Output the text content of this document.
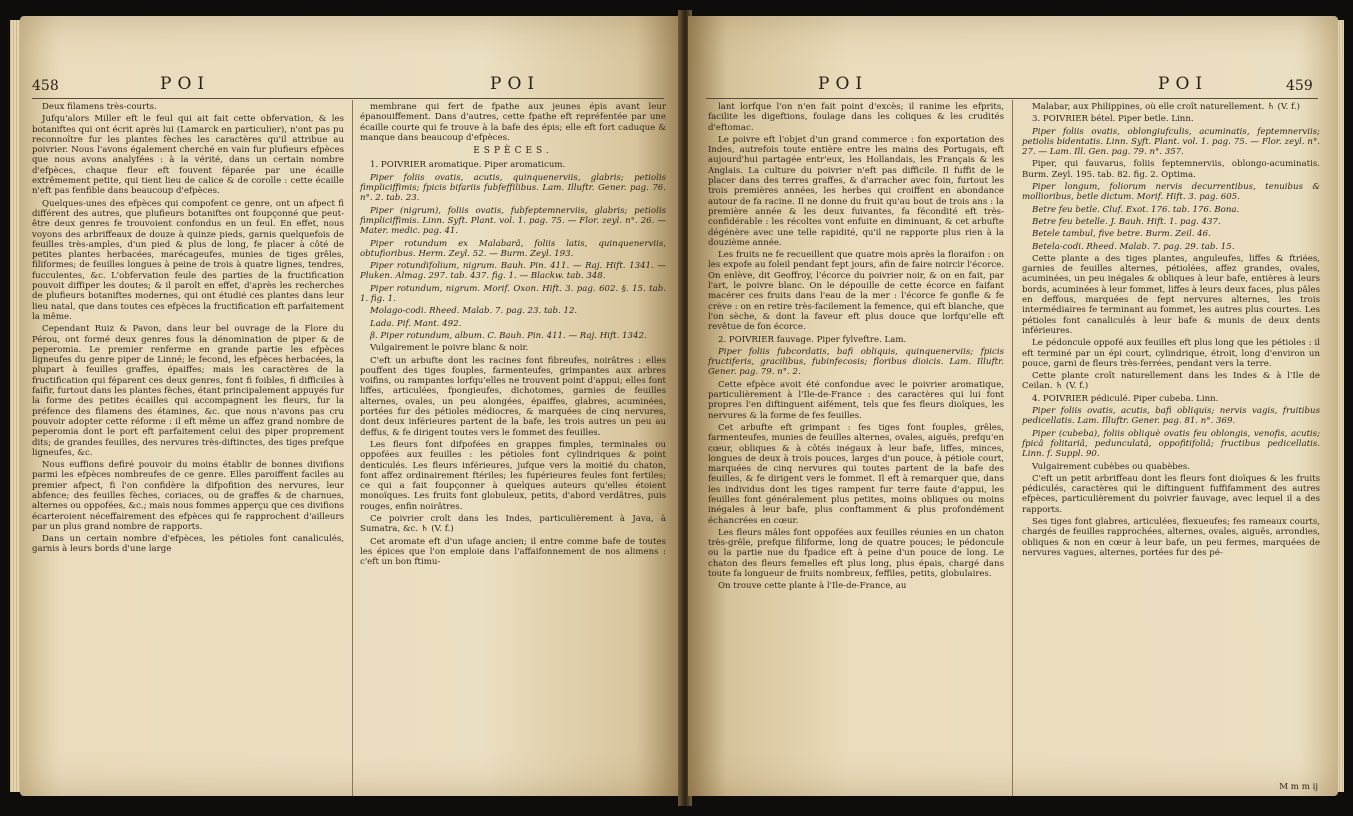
458	POI	POI

Deux filamens très-courts.

Jufqu'alors Miller eft le feul qui ait fait cette obfervation, & les botaniftes qui ont écrit après lui (Lamarck en particulier), n'ont pas pu reconnoître fur les plantes fèches les caractères qu'il attribue au poivrier. Nous l'avons également cherché en vain fur plufieurs efpèces que nous avons analyfées : à la vérité, dans un certain nombre d'efpèces, chaque fleur eft fouvent féparée par une écaille extrêmement petite, qui tient lieu de calice & de corolle : cette écaille n'eft pas fenfible dans beaucoup d'efpèces.

Quelques-unes des efpèces qui compofent ce genre, ont un afpect fi différent des autres, que plufieurs botaniftes ont foupçonné que peut-être deux genres fe trouvoient confondus en un feul. En effet, nous voyons des arbriffeaux de douze à quinze pieds, garnis quelquefois de feuilles très-amples, d'un pied & plus de long, fe placer à côté de petites plantes herbacées, marécageufes, munies de tiges grêles, filiformes; de feuilles longues à peine de trois à quatre lignes, tendres, fucculentes, &c. L'obfervation feule des parties de la fructification pouvoit diffiper les doutes; & il paroît en effet, d'après les recherches de plufieurs botaniftes modernes, qui ont étudié ces plantes dans leur lieu natal, que dans toutes ces efpèces la fructification eft parfaitement la même.

Cependant Ruiz & Pavon, dans leur bel ouvrage de la Flore du Pérou, ont formé deux genres fous la dénomination de piper & de peperomia. Le premier renferme en grande partie les efpèces ligneufes du genre piper de Linné; le fecond, les efpèces herbacées, la plupart à feuilles graffes, épaiffes; mais les caractères de la fructification qui féparent ces deux genres, font fi foibles, fi difficiles à faifir, furtout dans les plantes fèches, étant principalement appuyés fur la forme des petites écailles qui accompagnent les fleurs, fur la préfence des filamens des étamines, &c. que nous n'avons pas cru pouvoir adopter cette réforme : il eft même un affez grand nombre de peperomia dont le port eft parfaitement celui des piper proprement dits; de grandes feuilles, des nervures très-diftinctes, des tiges prefque ligneufes, &c.

Nous euffions defiré pouvoir du moins établir de bonnes divifions parmi les efpèces nombreufes de ce genre. Elles paroiffent faciles au premier afpect, fi l'on confidère la difpofition des nervures, leur abfence; des feuilles fèches, coriaces, ou de graffes & de charnues, alternes ou oppofées, &c.; mais nous fommes apperçu que ces divifions écarteroient néceffairement des efpèces qui fe rapprochent d'ailleurs par un plus grand nombre de rapports.

Dans un certain nombre d'efpèces, les pétioles font canaliculés, garnis à leurs bords d'une large

membrane qui fert de fpathe aux jeunes épis avant leur épanouiffement. Dans d'autres, cette fpathe eft repréfentée par une écaille courte qui fe trouve à la bafe des épis; elle eft fort caduque & manque dans beaucoup d'efpèces.

ESPÈCES.

1. POIVRIER aromatique. Piper aromaticum.

Piper foliis ovatis, acutis, quinquenerviis, glabris; petiolis fimpliciffimis; fpicis bifariis fubfeffilibus. Lam. Illuftr. Gener. pag. 76. n°. 2. tab. 23.

Piper (nigrum), foliis ovatis, fubfeptemnerviis, glabris; petiolis fimpliciffimis. Linn. Syft. Plant. vol. 1. pag. 75. — Flor. zeyl. n°. 26. — Mater. medic. pag. 41.

Piper rotundum ex Malabarâ, foliis latis, quinquenerviis, obtufioribus. Herm. Zeyl. 52. — Burm. Zeyl. 193.

Piper rotundifolium, nigrum. Bauh. Pin. 411. — Raj. Hift. 1341. — Pluken. Almag. 297. tab. 437. fig. 1. — Blackw. tab. 348.

Piper rotundum, nigrum. Morif. Oxon. Hift. 3. pag. 602. §. 15. tab. 1. fig. 1.

Molago-codi. Rheed. Malab. 7. pag. 23. tab. 12.

Lada. Pif. Mant. 492.

β. Piper rotundum, album. C. Bauh. Pin. 411. — Raj. Hift. 1342.

Vulgairement le poivre blanc & noir.

C'eft un arbufte dont les racines font fibreufes, noirâtres : elles pouffent des tiges fouples, farmenteufes, grimpantes aux arbres voifins, ou rampantes lorfqu'elles ne trouvent point d'appui; elles font liffes, articulées, fpongieufes, dichotomes, garnies de feuilles alternes, ovales, un peu alongées, épaiffes, glabres, acuminées, portées fur des pétioles médiocres, & marquées de cinq nervures, dont deux inférieures partent de la bafe, les trois autres un peu au deffus, & fe dirigent toutes vers le fommet des feuilles.

Les fleurs font difpofées en grappes fimples, terminales ou oppofées aux feuilles : les pétioles font cylindriques & point denticulés. Les fleurs inférieures, jufque vers la moitié du chaton, font affez ordinairement ftériles; les fupérieures feules font fertiles; ce qui a fait foupçonner à quelques auteurs qu'elles étoient monoïques. Les fruits font globuleux, petits, d'abord verdâtres, puis rouges, enfin noirâtres.

Ce poivrier croît dans les Indes, particulièrement à Java, à Sumatra, &c. ♄ (V. f.)

Cet aromate eft d'un ufage ancien; il entre comme bafe de toutes les épices que l'on emploie dans l'affaifonnement de nos alimens : c'eft un bon ftimu-

POI	POI	459

lant lorfque l'on n'en fait point d'excès; il ranime les efprits, facilite les digeftions, foulage dans les coliques & les crudités d'eftomac.

Le poivre eft l'objet d'un grand commerce : fon exportation des Indes, autrefois toute entière entre les mains des Portugais, eft aujourd'hui partagée entr'eux, les Hollandais, les Français & les Anglais. La culture du poivrier n'eft pas difficile. Il fuffit de le placer dans des terres graffes, & d'arracher avec foin, furtout les trois premières années, les herbes qui croiffent en abondance autour de fa racine. Il ne donne du fruit qu'au bout de trois ans : la première année & les deux fuivantes, fa fécondité eft très-confidérable : les récoltes vont enfuite en diminuant, & cet arbufte dégénère avec une telle rapidité, qu'il ne rapporte plus rien à la douzième année.

Les fruits ne fe recueillent que quatre mois après la floraifon : on les expofe au foleil pendant fept jours, afin de faire noircir l'écorce. On enlève, dit Geoffroy, l'écorce du poivrier noir, & on en fait, par l'art, le poivre blanc. On le dépouille de cette écorce en faifant macérer ces fruits dans l'eau de la mer : l'écorce fe gonfle & fe crève : on en retire très-facilement la femence, qui eft blanche, que l'on sèche, & dont la faveur eft plus douce que lorfqu'elle eft revêtue de fon écorce.

2. POIVRIER fauvage. Piper fylveftre. Lam.

Piper foliis fubcordatis, bafi obliquis, quinquenerviis; fpicis fructiferis, gracilibus, fubinfecosis; floribus dioicis. Lam. Illuftr. Gener. pag. 79. n°. 2.

Cette efpèce avoit été confondue avec le poivrier aromatique, particulièrement à l'Ile-de-France : des caractères qui lui font propres l'en diftinguent aifément, tels que fes fleurs dioïques, les nervures & la forme de fes feuilles.

Cet arbufte eft grimpant : fes tiges font fouples, grêles, farmenteufes, munies de feuilles alternes, ovales, aiguës, prefqu'en cœur, obliques & à côtés inégaux à leur bafe, liffes, minces, longues de deux à trois pouces, larges d'un pouce, à pétiole court, marquées de cinq nervures qui toutes partent de la bafe des feuilles, & fe dirigent vers le fommet. Il eft à remarquer que, dans les individus dont les tiges rampent fur terre faute d'appui, les feuilles font généralement plus petites, moins obliques ou moins inégales à leur bafe, plus conftamment & plus profondément échancrées en cœur.

Les fleurs mâles font oppofées aux feuilles réunies en un chaton très-grêle, prefque filiforme, long de quatre pouces; le pédoncule ou la partie nue du fpadice eft à peine d'un pouce de long. Le chaton des fleurs femelles eft plus long, plus épais, chargé dans toute fa longueur de fruits nombreux, feffiles, petits, globulaires.

On trouve cette plante à l'Ile-de-France, au

Malabar, aux Philippines, où elle croît naturellement. ♄ (V. f.)

3. POIVRIER bétel. Piper betle. Linn.

Piper foliis ovatis, oblongiufculis, acuminatis, feptemnerviis; petiolis bidentatis. Linn. Syft. Plant. vol. 1. pag. 75. — Flor. zeyl. n°. 27. — Lam. Ill. Gen. pag. 79. n°. 357.

Piper, qui fauvarus, foliis feptemnerviis, oblongo-acuminatis. Burm. Zeyl. 195. tab. 82. fig. 2. Optima.

Piper longum, foliorum nervis decurrentibus, tenuibus & mollioribus, betle dictum. Morif. Hift. 3. pag. 605.

Betre feu betle. Cluf. Exot. 176. tab. 176. Bona.

Betre feu betelle. J. Bauh. Hift. 1. pag. 437.

Betele tambul, five betre. Burm. Zeil. 46.

Betela-codi. Rheed. Malab. 7. pag. 29. tab. 15.

Cette plante a des tiges plantes, anguleufes, liffes & ftriées, garnies de feuilles alternes, pétiolées, affez grandes, ovales, acuminées, un peu inégales & obliques à leur bafe, entières à leurs bords, acuminées à leur fommet, liffes à leurs deux faces, plus pâles en deffous, marquées de fept nervures alternes, les trois intermédiaires fe terminant au fommet, les autres plus courtes. Les pétioles font canaliculés à leur bafe & munis de deux dents inférieures.

Le pédoncule oppofé aux feuilles eft plus long que les pétioles : il eft terminé par un épi court, cylindrique, étroit, long d'environ un pouce, garni de fleurs très-ferrées, pendant vers la terre.

Cette plante croît naturellement dans les Indes & à l'Ile de Ceilan. ♄ (V. f.)

4. POIVRIER pédiculé. Piper cubeba. Linn.

Piper foliis ovatis, acutis, bafi obliquis; nervis vagis, fruitibus pedicellatis. Lam. Illuftr. Gener. pag. 81. n°. 369.

Piper (cubeba), foliis obliquè ovatis feu oblongis, venofis, acutis; fpicâ folitariâ, pedunculatâ, oppofitifoliâ; fructibus pedicellatis. Linn. f. Suppl. 90.

Vulgairement cubèbes ou quabèbes.

C'eft un petit arbriffeau dont les fleurs font dioïques & les fruits pédiculés, caractères qui le diftinguent fuffifamment des autres efpèces, particulièrement du poivrier fauvage, avec lequel il a des rapports.

Ses tiges font glabres, articulées, flexueufes; fes rameaux courts, chargés de feuilles rapprochées, alternes, ovales, aiguës, arrondies, obliques & non en cœur à leur bafe, un peu fermes, marquées de nervures vagues, alternes, portées fur des pé-

M m m ij
